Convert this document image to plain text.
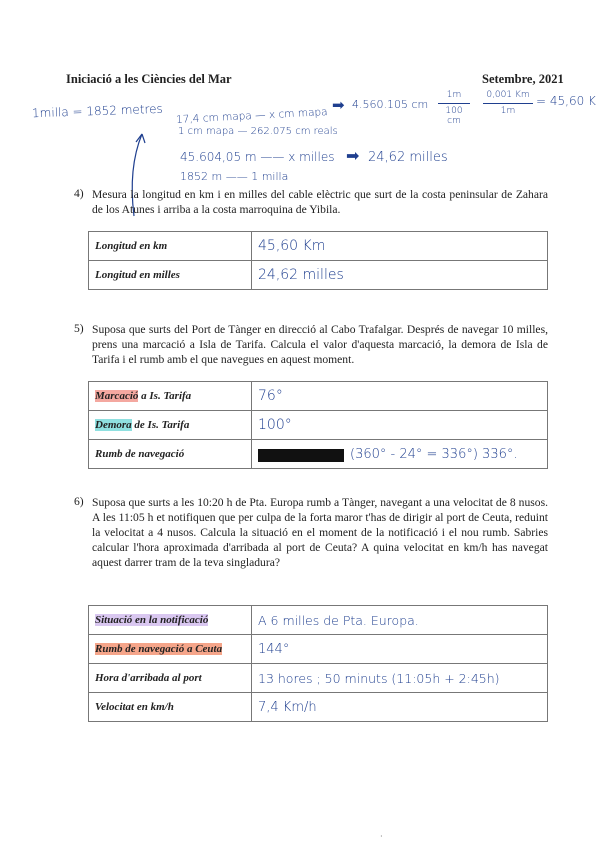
Iniciació a les Ciències del Mar	Setembre, 2021
1milla = 1852 metres 17,4 cm mapa — x cm mapa
➡ 4.560.105 cm
1m
100 cm
0,001 Km
1m
= 45,60 K
1 cm mapa — 262.075 cm reals
45.604,05 m —— x milles ➡ 24,62 milles
1852 m —— 1 milla
4) Mesura la longitud en km i en milles del cable elèctric que surt de la costa peninsular de Zahara de los Atunes i arriba a la costa marroquina de Yibila.
Longitud en km	45,60 Km
Longitud en milles	24,62 milles
5) Suposa que surts del Port de Tànger en direcció al Cabo Trafalgar. Després de navegar 10 milles, prens una marcació a Isla de Tarifa. Calcula el valor d'aquesta marcació, la demora de Isla de Tarifa i el rumb amb el que navegues en aquest moment.
Marcació a Is. Tarifa	76°
Demora de Is. Tarifa	100°
Rumb de navegació	(360° - 24° = 336°) 336°.
6) Suposa que surts a les 10:20 h de Pta. Europa rumb a Tànger, navegant a una velocitat de 8 nusos. A les 11:05 h et notifiquen que per culpa de la forta maror t'has de dirigir al port de Ceuta, reduint la velocitat a 4 nusos. Calcula la situació en el moment de la notificació i el nou rumb. Sabries calcular l'hora aproximada d'arribada al port de Ceuta? A quina velocitat en km/h has navegat aquest darrer tram de la teva singladura?
Situació en la notificació	A 6 milles de Pta. Europa.
Rumb de navegació a Ceuta	144°
Hora d'arribada al port	13 hores ; 50 minuts (11:05h + 2:45h)
Velocitat en km/h	7,4 Km/h
·
